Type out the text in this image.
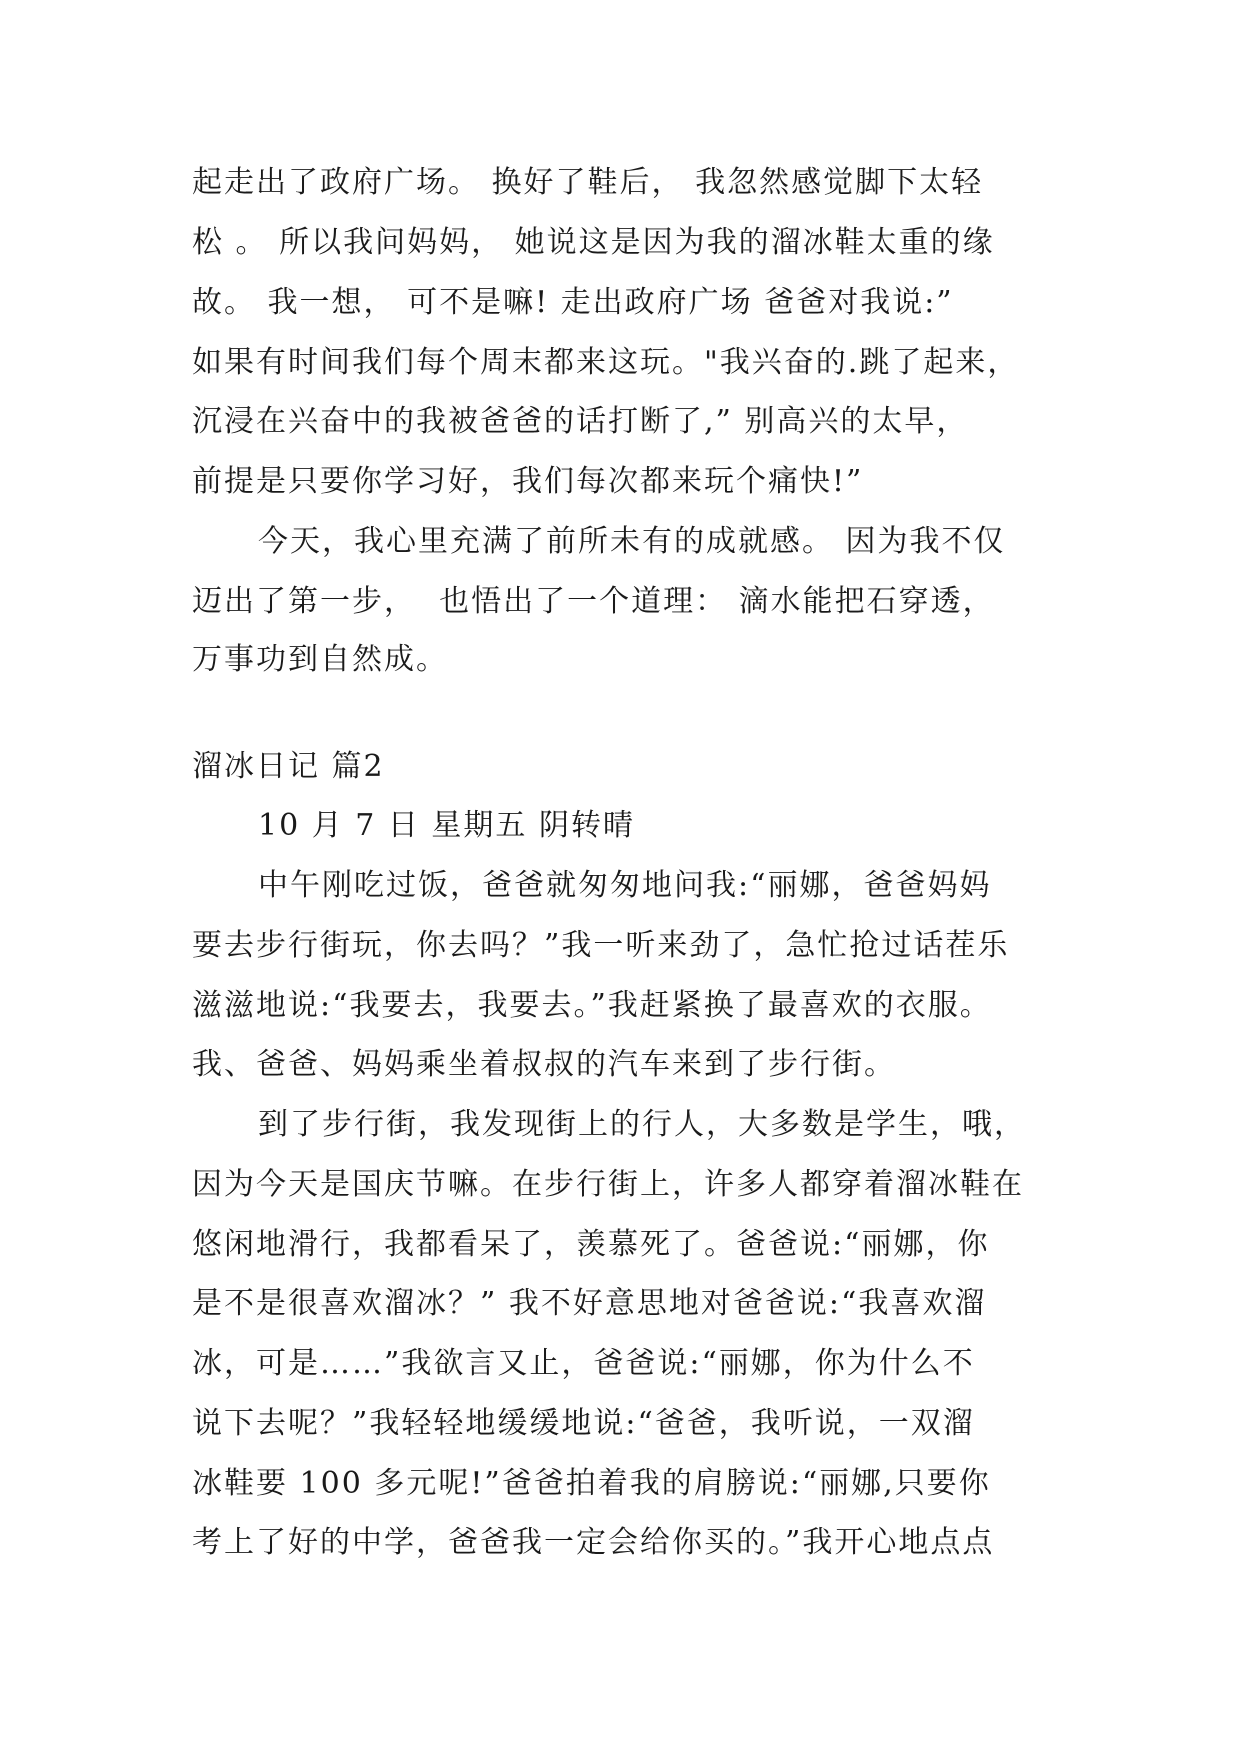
起走出了政府广场。 换好了鞋后， 我忽然感觉脚下太轻
松 。 所以我问妈妈， 她说这是因为我的溜冰鞋太重的缘
故。 我一想， 可不是嘛! 走出政府广场 爸爸对我说:”
如果有时间我们每个周末都来这玩。"我兴奋的.跳了起来，
沉浸在兴奋中的我被爸爸的话打断了,” 别高兴的太早，
前提是只要你学习好，我们每次都来玩个痛快!”
今天，我心里充满了前所未有的成就感。 因为我不仅
迈出了第一步，  也悟出了一个道理： 滴水能把石穿透，
万事功到自然成。
溜冰日记 篇2
10 月 7 日 星期五 阴转晴
中午刚吃过饭，爸爸就匆匆地问我:“丽娜，爸爸妈妈
要去步行街玩，你去吗？”我一听来劲了，急忙抢过话茬乐
滋滋地说:“我要去，我要去。”我赶紧换了最喜欢的衣服。
我、爸爸、妈妈乘坐着叔叔的汽车来到了步行街。
到了步行街，我发现街上的行人，大多数是学生，哦，
因为今天是国庆节嘛。在步行街上，许多人都穿着溜冰鞋在
悠闲地滑行，我都看呆了，羡慕死了。爸爸说:“丽娜，你
是不是很喜欢溜冰？” 我不好意思地对爸爸说:“我喜欢溜
冰，可是……”我欲言又止，爸爸说:“丽娜，你为什么不
说下去呢？”我轻轻地缓缓地说:“爸爸，我听说，一双溜
冰鞋要 100 多元呢!”爸爸拍着我的肩膀说:“丽娜,只要你
考上了好的中学，爸爸我一定会给你买的。”我开心地点点
